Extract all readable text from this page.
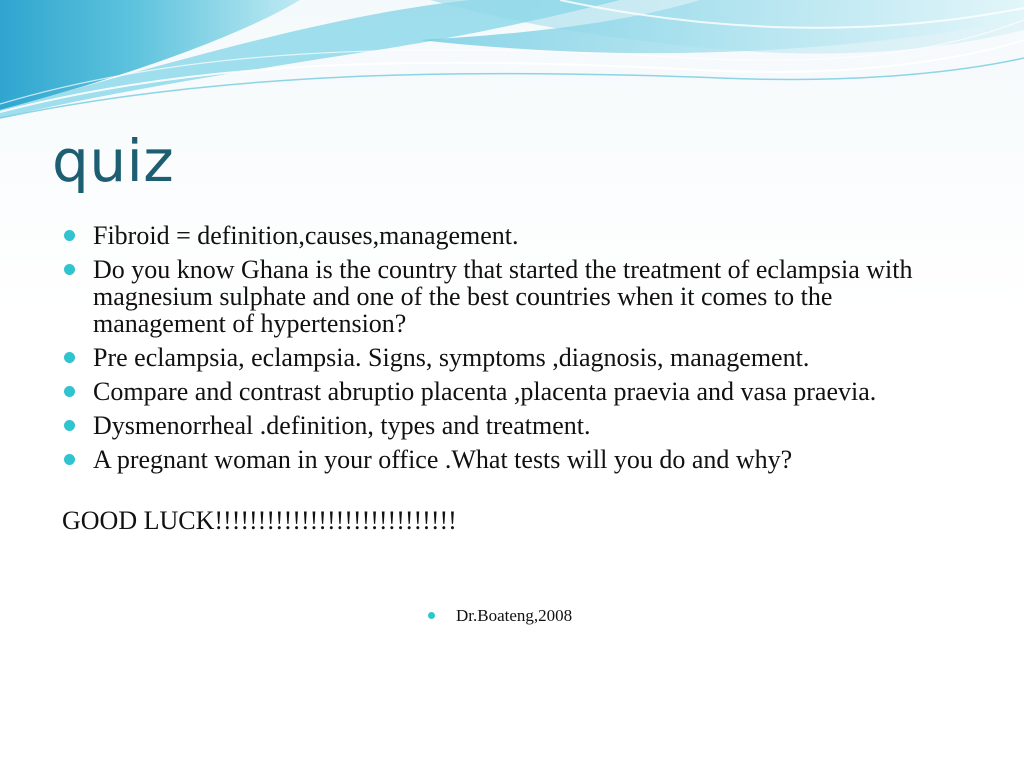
quiz
Fibroid = definition,causes,management.
Do you know Ghana is the country that started the treatment of eclampsia with magnesium sulphate and one of the best countries when it comes to the management of hypertension?
Pre eclampsia, eclampsia. Signs, symptoms ,diagnosis, management.
Compare and contrast abruptio placenta ,placenta praevia and vasa praevia.
Dysmenorrheal .definition, types and treatment.
A pregnant woman in your office .What tests will you do and why?
GOOD LUCK!!!!!!!!!!!!!!!!!!!!!!!!!!!!
Dr.Boateng,2008
